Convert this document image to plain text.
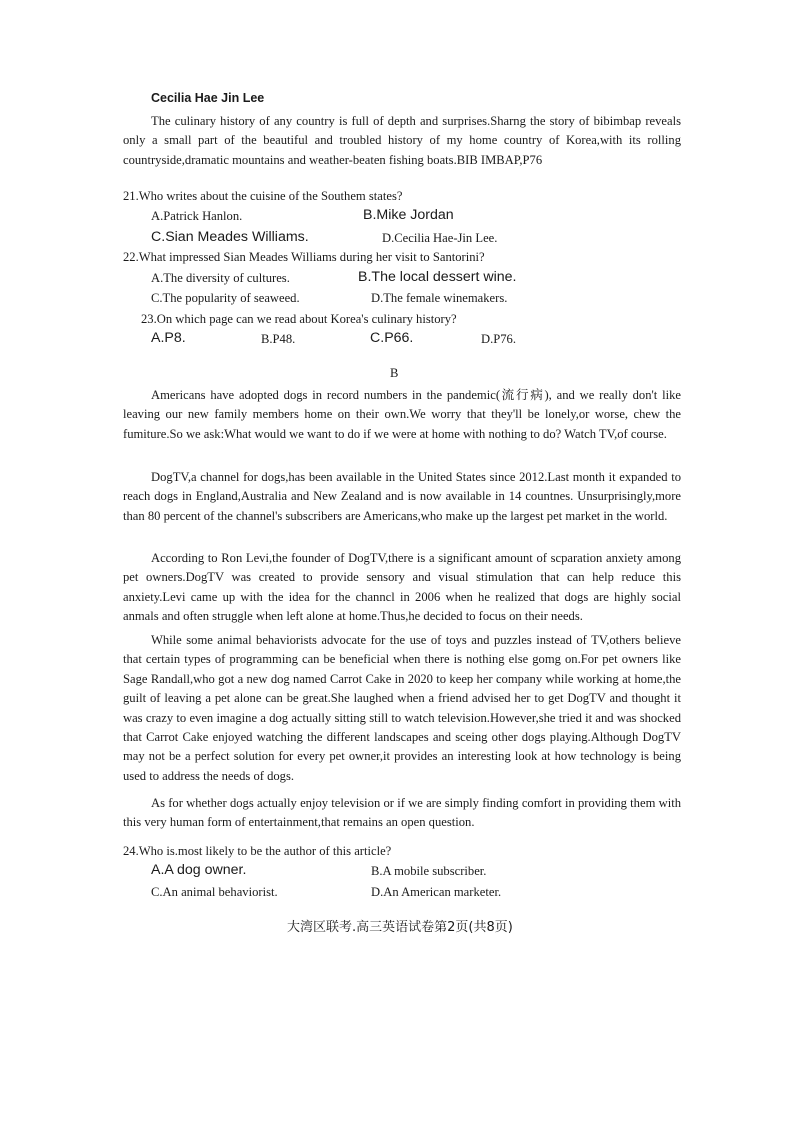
Cecilia Hae Jin Lee

The culinary history of any country is full of depth and surprises.Sharng the story of bibimbap reveals only a small part of the beautiful and troubled history of my home country of Korea,with its rolling countryside,dramatic mountains and weather-beaten fishing boats.BIB IMBAP,P76

21.Who writes about the cuisine of the Southem states?
A.Patrick Hanlon.	B.Mike Jordan
C.Sian Meades Williams.	D.Cecilia Hae-Jin Lee.
22.What impressed Sian Meades Williams during her visit to Santorini?
A.The diversity of cultures.	B.The local dessert wine.
C.The popularity of seaweed.	D.The female winemakers.
23.On which page can we read about Korea's culinary history?
A.P8.	B.P48.	C.P66.	D.P76.
B

Americans have adopted dogs in record numbers in the pandemic(流行病), and we really don't like leaving our new family members home on their own.We worry that they'll be lonely,or worse, chew the fumiture.So we ask:What would we want to do if we were at home with nothing to do? Watch TV,of course.

DogTV,a channel for dogs,has been available in the United States since 2012.Last month it expanded to reach dogs in England,Australia and New Zealand and is now available in 14 countnes. Unsurprisingly,more than 80 percent of the channel's subscribers are Americans,who make up the largest pet market in the world.

According to Ron Levi,the founder of DogTV,there is a significant amount of scparation anxiety among pet owners.DogTV was created to provide sensory and visual stimulation that can help reduce this anxiety.Levi came up with the idea for the channcl in 2006 when he realized that dogs are highly social anmals and often struggle when left alone at home.Thus,he decided to focus on their needs.

While some animal behaviorists advocate for the use of toys and puzzles instead of TV,others believe that certain types of programming can be beneficial when there is nothing else gomg on.For pet owners like Sage Randall,who got a new dog named Carrot Cake in 2020 to keep her company while working at home,the guilt of leaving a pet alone can be great.She laughed when a friend advised her to get DogTV and thought it was crazy to even imagine a dog actually sitting still to watch television.However,she tried it and was shocked that Carrot Cake enjoyed watching the different landscapes and sceing other dogs playing.Although DogTV may not be a perfect solution for every pet owner,it provides an interesting look at how technology is being used to address the needs of dogs.

As for whether dogs actually enjoy television or if we are simply finding comfort in providing them with this very human form of entertainment,that remains an open question.

24.Who is.most likely to be the author of this article?
A.A dog owner.	B.A mobile subscriber.
C.An animal behaviorist.	D.An American marketer.
大湾区联考.高三英语试卷第2页(共8页)
